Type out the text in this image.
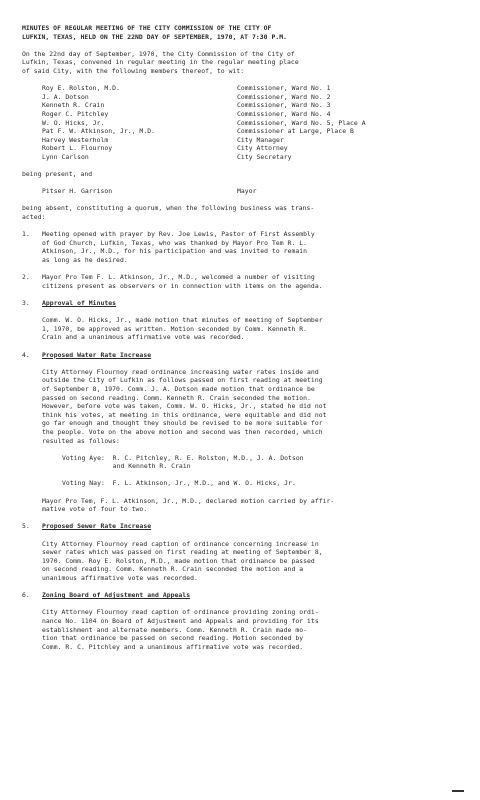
MINUTES OF REGULAR MEETING OF THE CITY COMMISSION OF THE CITY OF
LUFKIN, TEXAS, HELD ON THE 22ND DAY OF SEPTEMBER, 1970, AT 7:30 P.M.
On the 22nd day of September, 1970, the City Commission of the City of
Lufkin, Texas, convened in regular meeting in the regular meeting place
of said City, with the following members thereof, to wit:
Roy E. Rolston, M.D.	Commissioner, Ward No. 1
J. A. Dotson	Commissioner, Ward No. 2
Kenneth R. Crain	Commissioner, Ward No. 3
Roger C. Pitchley	Commissioner, Ward No. 4
W. O. Hicks, Jr.	Commissioner, Ward No. 5, Place A
Pat F. W. Atkinson, Jr., M.D.	Commissioner at Large, Place B
Harvey Westerholm	City Manager
Robert L. Flournoy	City Attorney
Lynn Carlson	City Secretary
being present, and
Pitser H. Garrison	Mayor
being absent, constituting a quorum, when the following business was trans-
acted:
1.	Meeting opened with prayer by Rev. Joe Lewis, Pastor of First Assembly
of God Church, Lufkin, Texas, who was thanked by Mayor Pro Tem R. L.
Atkinson, Jr., M.D., for his participation and was invited to remain
as long as he desired.
2.	Mayor Pro Tem F. L. Atkinson, Jr., M.D., welcomed a number of visiting
citizens present as observers or in connection with items on the agenda.
3.	Approval of Minutes
Comm. W. O. Hicks, Jr., made motion that minutes of meeting of September
1, 1970, be approved as written. Motion seconded by Comm. Kenneth R.
Crain and a unanimous affirmative vote was recorded.
4.	Proposed Water Rate Increase
City Attorney Flournoy read ordinance increasing water rates inside and
outside the City of Lufkin as follows passed on first reading at meeting
of September 8, 1970. Comm. J. A. Dotson made motion that ordinance be
passed on second reading. Comm. Kenneth R. Crain seconded the motion.
However, before vote was taken, Comm. W. O. Hicks, Jr., stated he did not
think his votes, at meeting in this ordinance, were equitable and did not
go far enough and thought they should be revised to be more suitable for
the people. Vote on the above motion and second was then recorded, which
resulted as follows:
Voting Aye:  R. C. Pitchley, R. E. Rolston, M.D., J. A. Dotson
and Kenneth R. Crain
Voting Nay:  F. L. Atkinson, Jr., M.D., and W. O. Hicks, Jr.
Mayor Pro Tem, F. L. Atkinson, Jr., M.D., declared motion carried by affir-
mative vote of four to two.
5.	Proposed Sewer Rate Increase
City Attorney Flournoy read caption of ordinance concerning increase in
sewer rates which was passed on first reading at meeting of September 8,
1970. Comm. Roy E. Rolston, M.D., made motion that ordinance be passed
on second reading. Comm. Kenneth R. Crain seconded the motion and a
unanimous affirmative vote was recorded.
6.	Zoning Board of Adjustment and Appeals
City Attorney Flournoy read caption of ordinance providing zoning ordi-
nance No. 1104 on Board of Adjustment and Appeals and providing for its
establishment and alternate members. Comm. Kenneth R. Crain made mo-
tion that ordinance be passed on second reading. Motion seconded by
Comm. R. C. Pitchley and a unanimous affirmative vote was recorded.
